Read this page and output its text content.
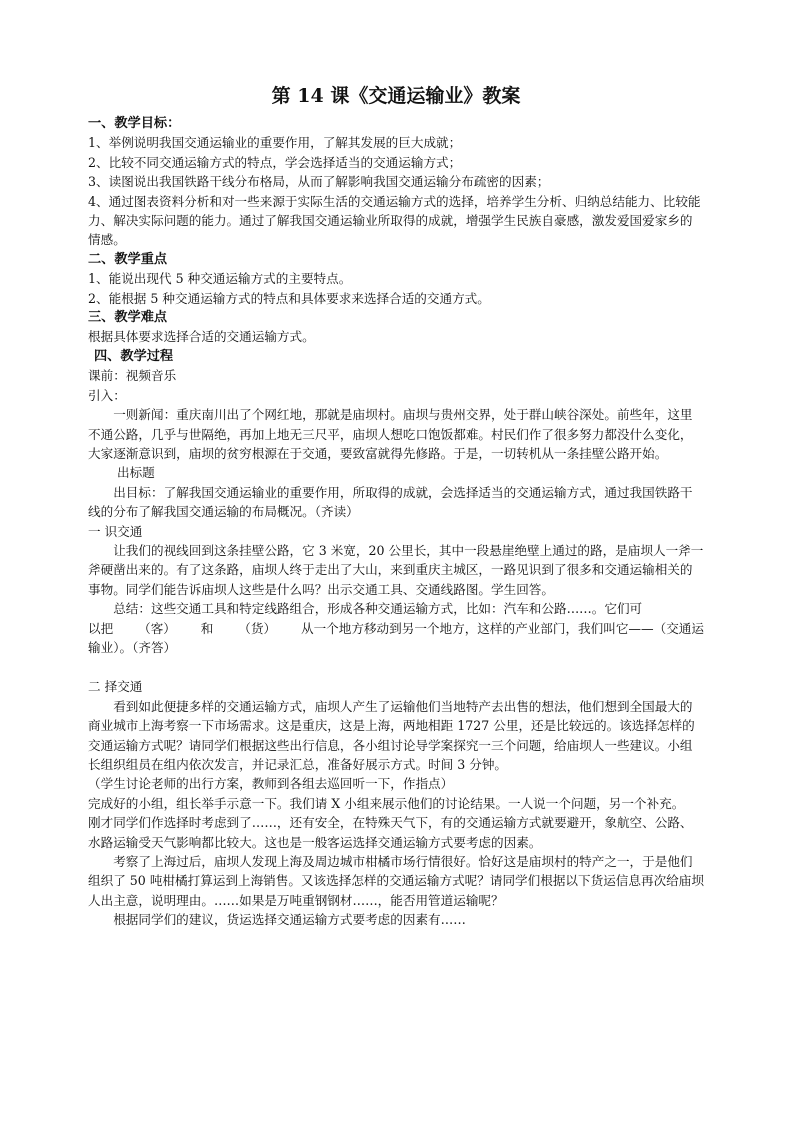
第 14 课《交通运输业》教案
一、教学目标：

1、举例说明我国交通运输业的重要作用，了解其发展的巨大成就；

2、比较不同交通运输方式的特点，学会选择适当的交通运输方式；

3、读图说出我国铁路干线分布格局，从而了解影响我国交通运输分布疏密的因素；

4、通过图表资料分析和对一些来源于实际生活的交通运输方式的选择，培养学生分析、归纳总结能力、比较能力、解决实际问题的能力。通过了解我国交通运输业所取得的成就，增强学生民族自豪感，激发爱国爱家乡的情感。

二、教学重点

1、能说出现代 5 种交通运输方式的主要特点。

2、能根据 5 种交通运输方式的特点和具体要求来选择合适的交通方式。

三、教学难点

根据具体要求选择合适的交通运输方式。

四、教学过程

课前：视频音乐

引入：

一则新闻：重庆南川出了个网红地，那就是庙坝村。庙坝与贵州交界，处于群山峡谷深处。前些年，这里不通公路，几乎与世隔绝，再加上地无三尺平，庙坝人想吃口饱饭都难。村民们作了很多努力都没什么变化，大家逐渐意识到，庙坝的贫穷根源在于交通，要致富就得先修路。于是，一切转机从一条挂壁公路开始。

出标题

出目标：了解我国交通运输业的重要作用，所取得的成就，会选择适当的交通运输方式，通过我国铁路干线的分布了解我国交通运输的布局概况。（齐读）

一 识交通

让我们的视线回到这条挂壁公路，它 3 米宽，20 公里长，其中一段悬崖绝壁上通过的路，是庙坝人一斧一斧硬凿出来的。有了这条路，庙坝人终于走出了大山，来到重庆主城区，一路见识到了很多和交通运输相关的事物。同学们能告诉庙坝人这些是什么吗？出示交通工具、交通线路图。学生回答。

总结：这些交通工具和特定线路组合，形成各种交通运输方式，比如：汽车和公路……。它们可

以把 （客） 和 （货） 从一个地方移动到另一个地方，这样的产业部门，我们叫它——（交通运

输业）。（齐答）

二 择交通

看到如此便捷多样的交通运输方式，庙坝人产生了运输他们当地特产去出售的想法，他们想到全国最大的商业城市上海考察一下市场需求。这是重庆，这是上海，两地相距 1727 公里，还是比较远的。该选择怎样的交通运输方式呢？请同学们根据这些出行信息，各小组讨论导学案探究一三个问题，给庙坝人一些建议。小组长组织组员在组内依次发言，并记录汇总，准备好展示方式。时间 3 分钟。

（学生讨论老师的出行方案，教师到各组去巡回听一下，作指点）

完成好的小组，组长举手示意一下。我们请 X 小组来展示他们的讨论结果。一人说一个问题，另一个补充。

刚才同学们作选择时考虑到了……，还有安全，在特殊天气下，有的交通运输方式就要避开，象航空、公路、水路运输受天气影响都比较大。这也是一般客运选择交通运输方式要考虑的因素。

考察了上海过后，庙坝人发现上海及周边城市柑橘市场行情很好。恰好这是庙坝村的特产之一，于是他们组织了 50 吨柑橘打算运到上海销售。又该选择怎样的交通运输方式呢？请同学们根据以下货运信息再次给庙坝人出主意，说明理由。……如果是万吨重钢钢材……，能否用管道运输呢？

根据同学们的建议，货运选择交通运输方式要考虑的因素有……
